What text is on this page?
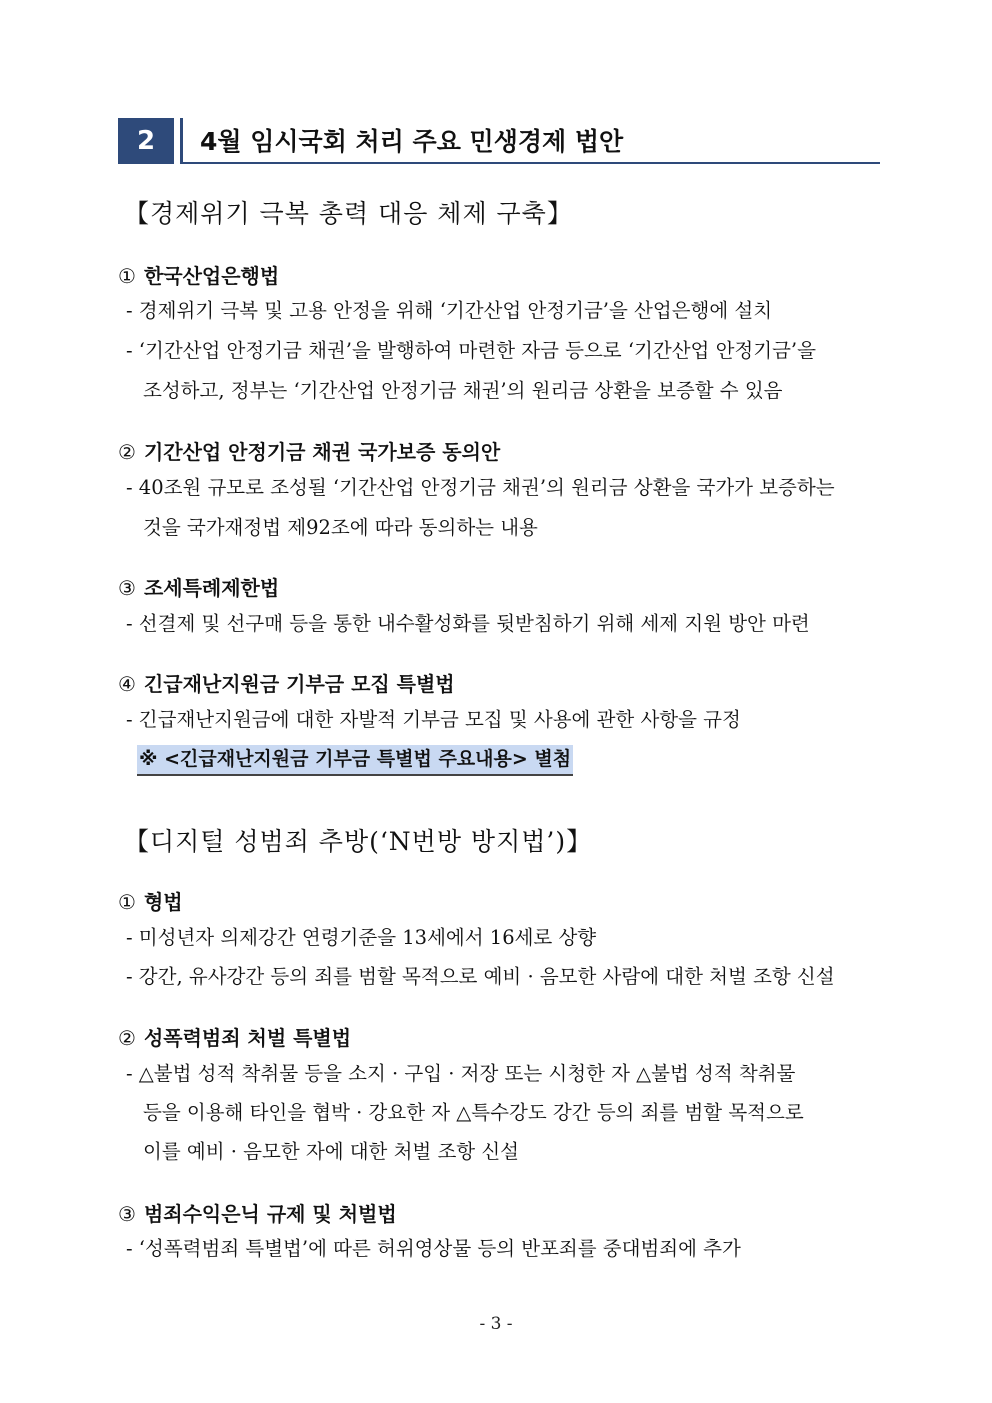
2	4월 임시국회 처리 주요 민생경제 법안
【경제위기 극복 총력 대응 체제 구축】
① 한국산업은행법
- 경제위기 극복 및 고용 안정을 위해 ‘기간산업 안정기금’을 산업은행에 설치
- ‘기간산업 안정기금 채권’을 발행하여 마련한 자금 등으로 ‘기간산업 안정기금’을
조성하고, 정부는 ‘기간산업 안정기금 채권’의 원리금 상환을 보증할 수 있음
② 기간산업 안정기금 채권 국가보증 동의안
- 40조원 규모로 조성될 ‘기간산업 안정기금 채권’의 원리금 상환을 국가가 보증하는
것을 국가재정법 제92조에 따라 동의하는 내용
③ 조세특례제한법
- 선결제 및 선구매 등을 통한 내수활성화를 뒷받침하기 위해 세제 지원 방안 마련
④ 긴급재난지원금 기부금 모집 특별법
- 긴급재난지원금에 대한 자발적 기부금 모집 및 사용에 관한 사항을 규정
※ <긴급재난지원금 기부금 특별법 주요내용> 별첨
【디지털 성범죄 추방(‘N번방 방지법’)】
① 형법
- 미성년자 의제강간 연령기준을 13세에서 16세로 상향
- 강간, 유사강간 등의 죄를 범할 목적으로 예비 · 음모한 사람에 대한 처벌 조항 신설
② 성폭력범죄 처벌 특별법
- △불법 성적 착취물 등을 소지 · 구입 · 저장 또는 시청한 자 △불법 성적 착취물
등을 이용해 타인을 협박 · 강요한 자 △특수강도 강간 등의 죄를 범할 목적으로
이를 예비 · 음모한 자에 대한 처벌 조항 신설
③ 범죄수익은닉 규제 및 처벌법
- ‘성폭력범죄 특별법’에 따른 허위영상물 등의 반포죄를 중대범죄에 추가
- 3 -
